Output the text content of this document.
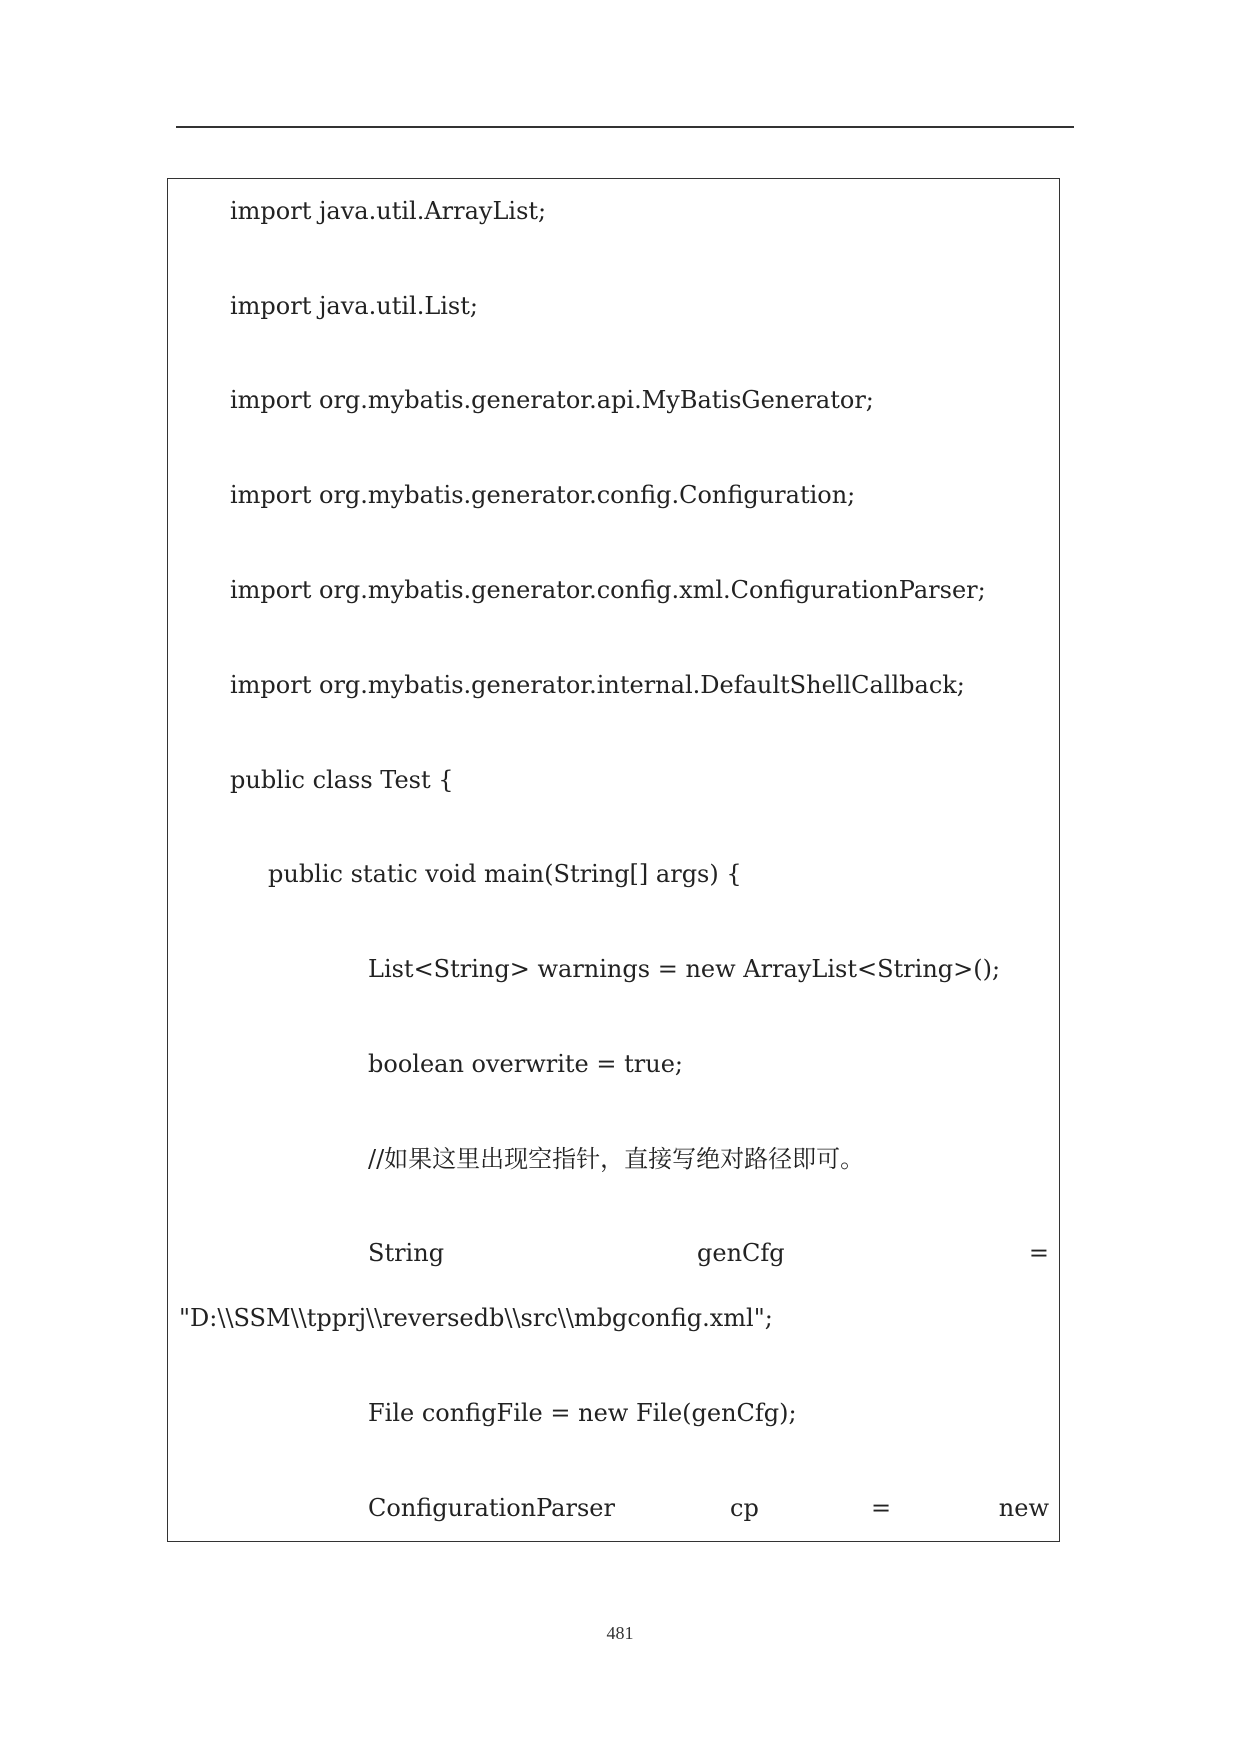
import java.util.ArrayList;
import java.util.List;
import org.mybatis.generator.api.MyBatisGenerator;
import org.mybatis.generator.config.Configuration;
import org.mybatis.generator.config.xml.ConfigurationParser;
import org.mybatis.generator.internal.DefaultShellCallback;
public class Test {
public static void main(String[] args) {
List<String> warnings = new ArrayList<String>();
boolean overwrite = true;
//如果这里出现空指针，直接写绝对路径即可。
String	genCfg	=
"D:\\SSM\\tpprj\\reversedb\\src\\mbgconfig.xml";
File configFile = new File(genCfg);
ConfigurationParser	cp	=	new
481
